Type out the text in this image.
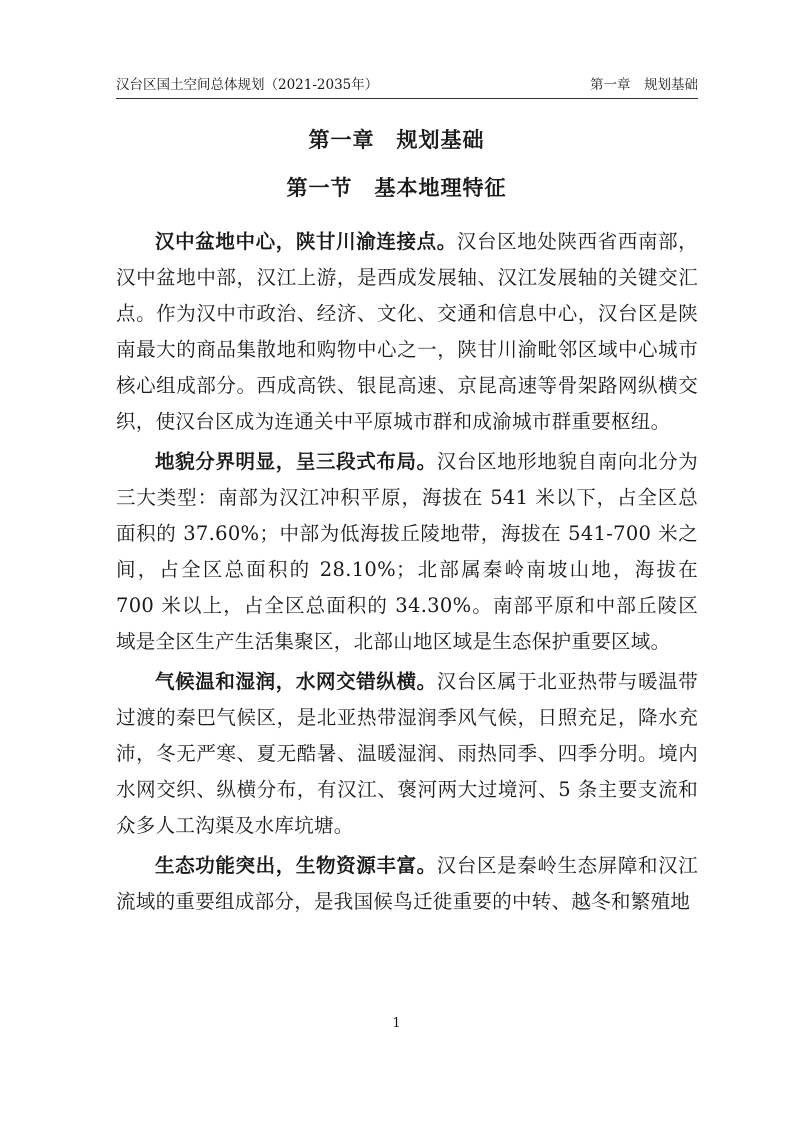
汉台区国土空间总体规划（2021-2035年）	第一章　规划基础
第一章　规划基础
第一节　基本地理特征

汉中盆地中心，陕甘川渝连接点。汉台区地处陕西省西南部，汉中盆地中部，汉江上游，是西成发展轴、汉江发展轴的关键交汇点。作为汉中市政治、经济、文化、交通和信息中心，汉台区是陕南最大的商品集散地和购物中心之一，陕甘川渝毗邻区域中心城市核心组成部分。西成高铁、银昆高速、京昆高速等骨架路网纵横交织，使汉台区成为连通关中平原城市群和成渝城市群重要枢纽。

地貌分界明显，呈三段式布局。汉台区地形地貌自南向北分为三大类型：南部为汉江冲积平原，海拔在 541 米以下，占全区总面积的 37.60%；中部为低海拔丘陵地带，海拔在 541-700 米之间，占全区总面积的 28.10%；北部属秦岭南坡山地，海拔在 700 米以上，占全区总面积的 34.30%。南部平原和中部丘陵区域是全区生产生活集聚区，北部山地区域是生态保护重要区域。

气候温和湿润，水网交错纵横。汉台区属于北亚热带与暖温带过渡的秦巴气候区，是北亚热带湿润季风气候，日照充足，降水充沛，冬无严寒、夏无酷暑、温暖湿润、雨热同季、四季分明。境内水网交织、纵横分布，有汉江、褒河两大过境河、5 条主要支流和众多人工沟渠及水库坑塘。

生态功能突出，生物资源丰富。汉台区是秦岭生态屏障和汉江流域的重要组成部分，是我国候鸟迁徙重要的中转、越冬和繁殖地

1
